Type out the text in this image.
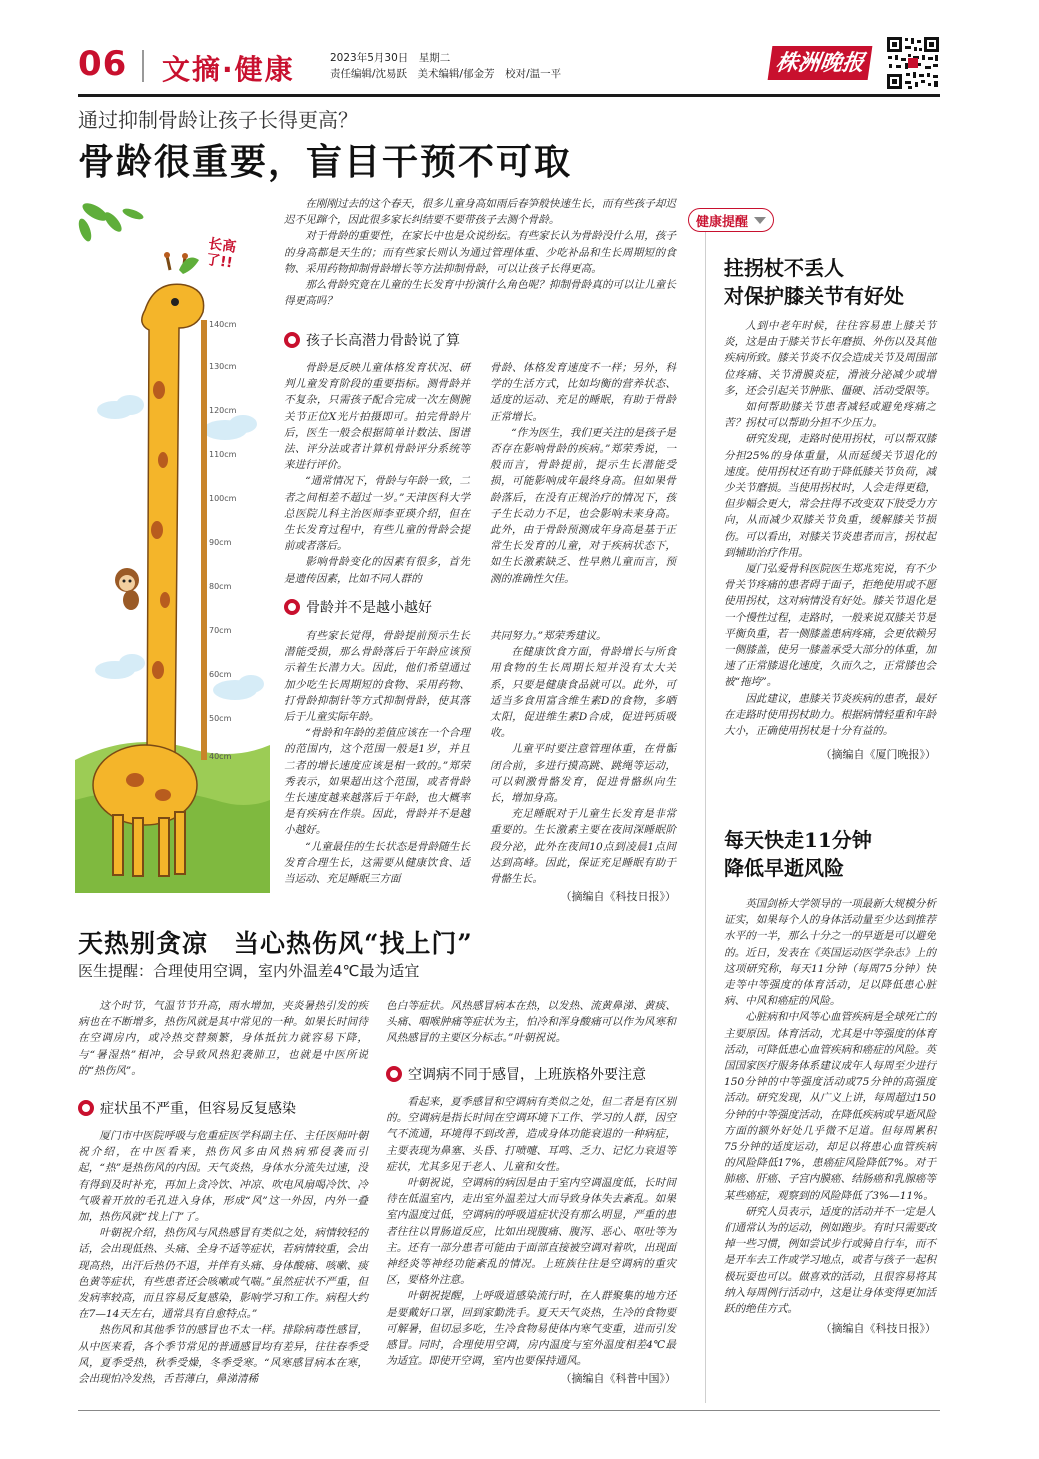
06 文摘·健康	2023年5月30日　星期二
责任编辑/沈易跃　美术编辑/郁金芳　校对/温一平	株洲晚报
通过抑制骨龄让孩子长得更高？
骨龄很重要，盲目干预不可取
长高了!!
140cm
130cm
120cm
110cm
100cm
90cm
80cm
70cm
60cm
50cm
40cm

在刚刚过去的这个春天，很多儿童身高如雨后春笋般快速生长，而有些孩子却迟迟不见蹿个，因此很多家长纠结要不要带孩子去测个骨龄。

对于骨龄的重要性，在家长中也是众说纷纭。有些家长认为骨龄没什么用，孩子的身高都是天生的；而有些家长则认为通过管理体重、少吃补品和生长周期短的食物、采用药物抑制骨龄增长等方法抑制骨龄，可以让孩子长得更高。

那么骨龄究竟在儿童的生长发育中扮演什么角色呢？抑制骨龄真的可以让儿童长得更高吗？

孩子长高潜力骨龄说了算

骨龄是反映儿童体格发育状况、研判儿童发育阶段的重要指标。测骨龄并不复杂，只需孩子配合完成一次左侧腕关节正位X光片拍摄即可。拍完骨龄片后，医生一般会根据简单计数法、图谱法、评分法或者计算机骨龄评分系统等来进行评价。

“通常情况下，骨龄与年龄一致，二者之间相差不超过一岁。”天津医科大学总医院儿科主治医师李亚瑛介绍，但在生长发育过程中，有些儿童的骨龄会提前或者落后。

影响骨龄变化的因素有很多，首先是遗传因素，比如不同人群的

骨龄、体格发育速度不一样；另外，科学的生活方式，比如均衡的营养状态、适度的运动、充足的睡眠，有助于骨龄正常增长。

“作为医生，我们更关注的是孩子是否存在影响骨龄的疾病。”郑荣秀说，一般而言，骨龄提前，提示生长潜能受损，可能影响成年最终身高。但如果骨龄落后，在没有正规治疗的情况下，孩子生长动力不足，也会影响未来身高。此外，由于骨龄预测成年身高是基于正常生长发育的儿童，对于疾病状态下，如生长激素缺乏、性早熟儿童而言，预测的准确性欠佳。

骨龄并不是越小越好

有些家长觉得，骨龄提前预示生长潜能受损，那么骨龄落后于年龄应该预示着生长潜力大。因此，他们希望通过加少吃生长周期短的食物、采用药物、打骨龄抑制针等方式抑制骨龄，使其落后于儿童实际年龄。

“骨龄和年龄的差值应该在一个合理的范围内，这个范围一般是1岁，并且二者的增长速度应该是相一致的。”郑荣秀表示，如果超出这个范围，或者骨龄生长速度越来越落后于年龄，也大概率是有疾病在作祟。因此，骨龄并不是越小越好。

“儿童最佳的生长状态是骨龄随生长发育合理生长，这需要从健康饮食、适当运动、充足睡眠三方面

共同努力。”郑荣秀建议。

在健康饮食方面，骨龄增长与所食用食物的生长周期长短并没有太大关系，只要是健康食品就可以。此外，可适当多食用富含维生素D的食物，多晒太阳，促进维生素D合成，促进钙质吸收。

儿童平时要注意管理体重，在骨骺闭合前，多进行摸高跳、跳绳等运动，可以刺激骨骼发育，促进骨骼纵向生长，增加身高。

充足睡眠对于儿童生长发育是非常重要的。生长激素主要在夜间深睡眠阶段分泌，此外在夜间10点到凌晨1点间达到高峰。因此，保证充足睡眠有助于骨骼生长。

（摘编自《科技日报》）
健康提醒
拄拐杖不丢人
对保护膝关节有好处

人到中老年时候，往往容易患上膝关节炎，这是由于膝关节长年磨损、外伤以及其他疾病所致。膝关节炎不仅会造成关节及周围部位疼痛、关节滑膜炎症，滑液分泌减少或增多，还会引起关节肿胀、僵硬、活动受限等。

如何帮助膝关节患者减轻或避免疼痛之苦？拐杖可以帮助分担不少压力。

研究发现，走路时使用拐杖，可以帮双膝分担25%的身体重量，从而延缓关节退化的速度。使用拐杖还有助于降低膝关节负荷，减少关节磨损。当使用拐杖时，人会走得更稳，但步幅会更大，常会拄得不改变双下肢受力方向，从而减少双膝关节负重，缓解膝关节损伤。可以看出，对膝关节炎患者而言，拐杖起到辅助治疗作用。

厦门弘爱骨科医院医生郑兆宪说，有不少骨关节疼痛的患者碍于面子，拒绝使用或不愿使用拐杖，这对病情没有好处。膝关节退化是一个慢性过程，走路时，一般来说双膝关节是平衡负重，若一侧膝盖患病疼痛，会更依赖另一侧膝盖，使另一膝盖承受大部分的体重，加速了正常膝退化速度，久而久之，正常膝也会被“拖垮”。

因此建议，患膝关节炎疾病的患者，最好在走路时使用拐杖助力。根据病情轻重和年龄大小，正确使用拐杖是十分有益的。

（摘编自《厦门晚报》）
每天快走11分钟
降低早逝风险

英国剑桥大学领导的一项最新大规模分析证实，如果每个人的身体活动量至少达到推荐水平的一半，那么十分之一的早逝是可以避免的。近日，发表在《英国运动医学杂志》上的这项研究称，每天11分钟（每周75分钟）快走等中等强度的体育活动，足以降低患心脏病、中风和癌症的风险。

心脏病和中风等心血管疾病是全球死亡的主要原因。体育活动，尤其是中等强度的体育活动，可降低患心血管疾病和癌症的风险。英国国家医疗服务体系建议成年人每周至少进行150分钟的中等强度活动或75分钟的高强度活动。研究发现，从广义上讲，每周超过150分钟的中等强度活动，在降低疾病或早逝风险方面的额外好处几乎微不足道。但每周累积75分钟的适度运动，却足以将患心血管疾病的风险降低17%，患癌症风险降低7%。对于肺癌、肝癌、子宫内膜癌、结肠癌和乳腺癌等某些癌症，观察到的风险降低了3%—11%。

研究人员表示，适度的活动并不一定是人们通常认为的运动，例如跑步。有时只需要改掉一些习惯，例如尝试步行或骑自行车，而不是开车去工作或学习地点，或者与孩子一起积极玩耍也可以。做喜欢的活动，且很容易将其纳入每周例行活动中，这是让身体变得更加活跃的绝佳方式。

（摘编自《科技日报》）
天热别贪凉　当心热伤风“找上门”
医生提醒：合理使用空调，室内外温差4℃最为适宜

这个时节，气温节节升高，雨水增加，夹炎暑热引发的疾病也在不断增多，热伤风就是其中常见的一种。如果长时间待在空调房内，或冷热交替频繁，身体抵抗力就容易下降，与“暑湿热”相冲，会导致风热犯袭肺卫，也就是中医所说的“热伤风”。

症状虽不严重，但容易反复感染

厦门市中医院呼吸与危重症医学科副主任、主任医师叶朝祝介绍，在中医看来，热伤风多由风热病邪侵袭而引起，“热”是热伤风的内因。天气炎热，身体水分流失过速，没有得到及时补充，再加上贪冷饮、冲凉、吹电风扇喝冷饮、冷气吸着开放的毛孔进入身体，形成“风”这一外因，内外一叠加，热伤风就“找上门”了。

叶朝祝介绍，热伤风与风热感冒有类似之处，病情较轻的话，会出现低热、头痛、全身不适等症状，若病情较重，会出现高热，出汗后热仍不退，并伴有头痛、身体酸痛、咳嗽、痰色黄等症状，有些患者还会咳嗽或气喘。”虽然症状不严重，但发病率较高，而且容易反复感染，影响学习和工作。病程大约在7—14天左右，通常具有自愈特点。”

热伤风和其他季节的感冒也不太一样。排除病毒性感冒，从中医来看，各个季节常见的普通感冒均有差异，往往春季受风，夏季受热，秋季受燥，冬季受寒。“风寒感冒病本在寒，会出现怕冷发热，舌苔薄白，鼻涕清稀

色白等症状。风热感冒病本在热，以发热、流黄鼻涕、黄痰、头痛、咽喉肿痛等症状为主，怕冷和浑身酸痛可以作为风寒和风热感冒的主要区分标志。”叶朝祝说。

空调病不同于感冒，上班族格外要注意

看起来，夏季感冒和空调病有类似之处，但二者是有区别的。空调病是指长时间在空调环境下工作、学习的人群，因空气不流通，环境得不到改善，造成身体功能衰退的一种病症，主要表现为鼻塞、头昏、打喷嚏、耳鸣、乏力、记忆力衰退等症状，尤其多见于老人、儿童和女性。

叶朝祝说，空调病的病因是由于室内空调温度低，长时间待在低温室内，走出室外温差过大而导致身体失去紊乱。如果室内温度过低，空调病的呼吸道症状没有那么明显，严重的患者往往以胃肠道反应，比如出现腹痛、腹泻、恶心、呕吐等为主。还有一部分患者可能由于面部直接被空调对着吹，出现面神经炎等神经功能紊乱的情况。上班族往往是空调病的重灾区，要格外注意。

叶朝祝提醒，上呼吸道感染流行时，在人群聚集的地方还是要戴好口罩，回到家勤洗手。夏天天气炎热，生冷的食物要可解暑，但切忌多吃，生冷食物易使体内寒气变重，进而引发感冒。同时，合理使用空调，房内温度与室外温度相差4℃最为适宜。即使开空调，室内也要保持通风。

（摘编自《科普中国》）
